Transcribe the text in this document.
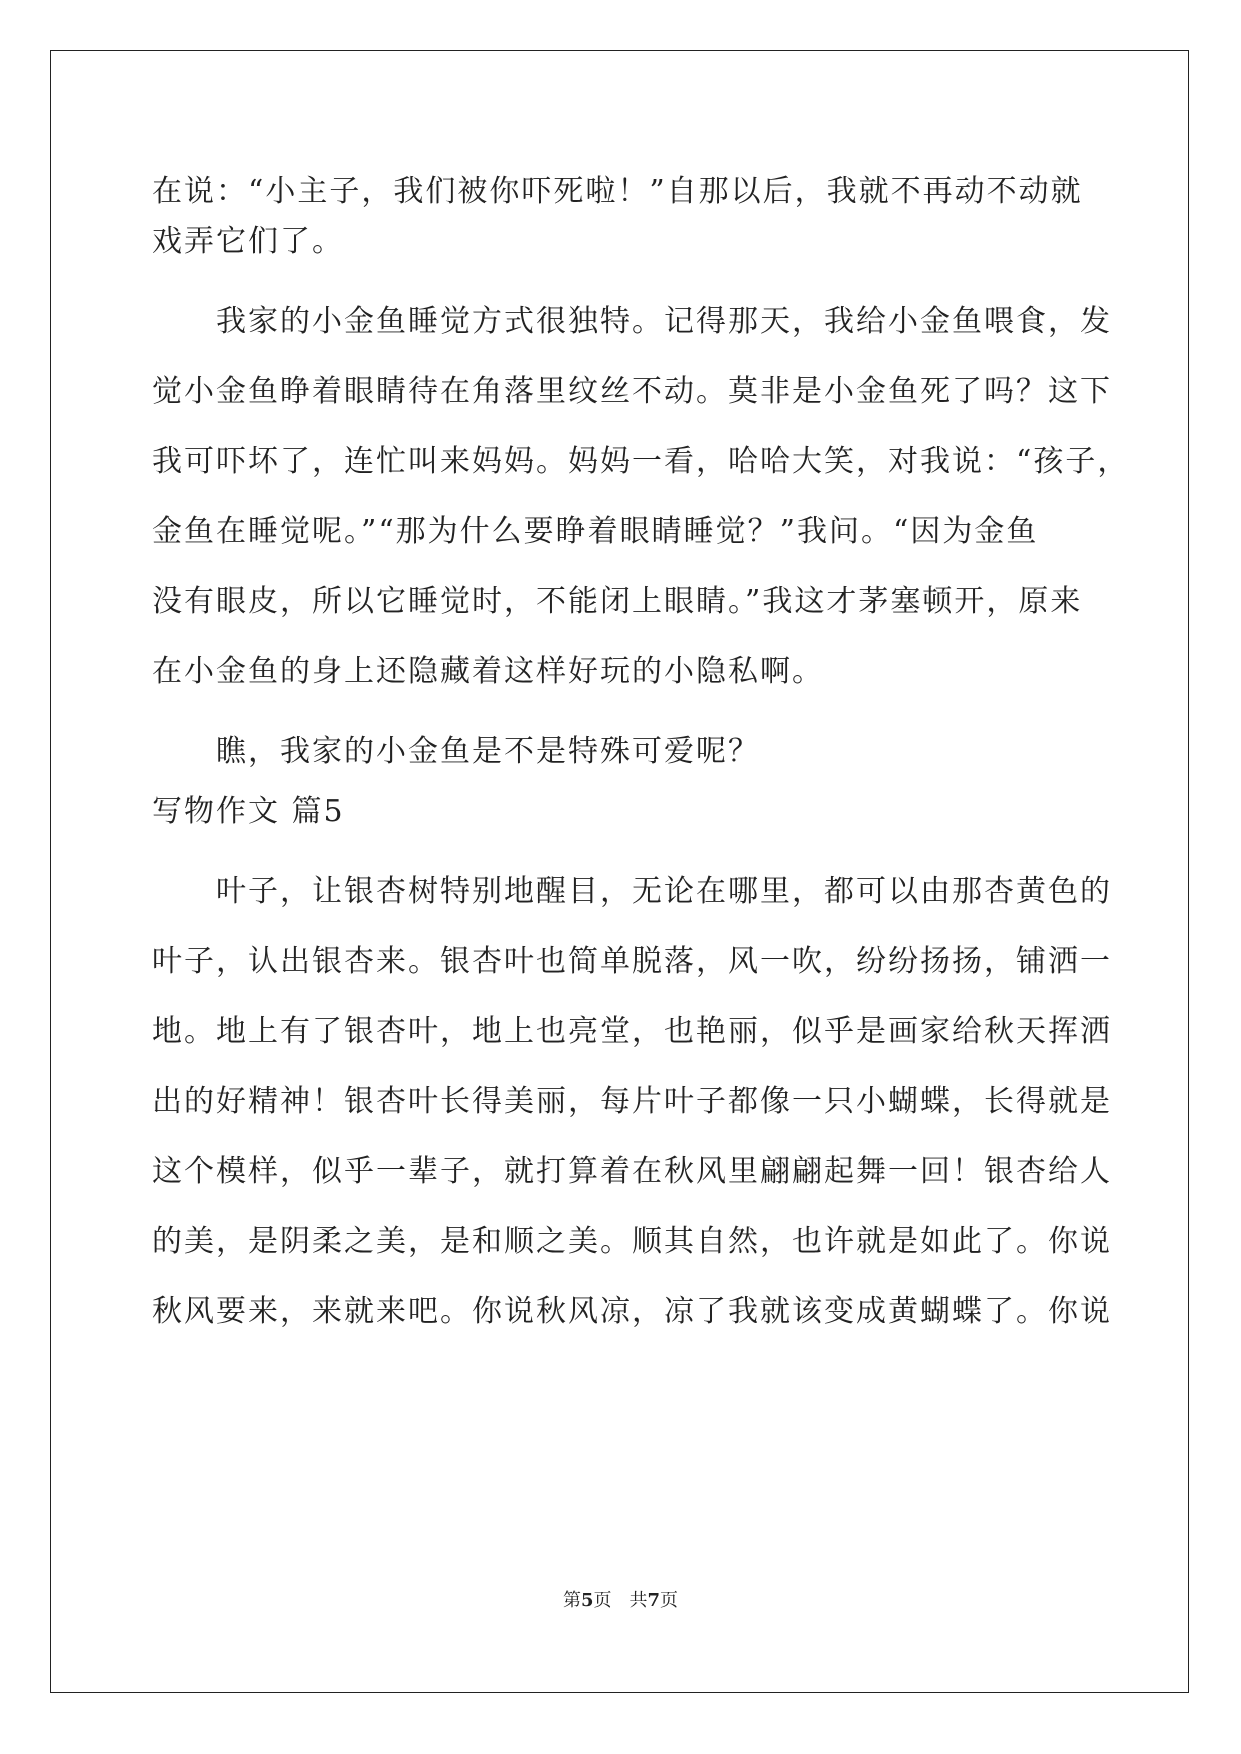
在说：“小主子，我们被你吓死啦！”自那以后，我就不再动不动就
戏弄它们了。
我家的小金鱼睡觉方式很独特。记得那天，我给小金鱼喂食，发
觉小金鱼睁着眼睛待在角落里纹丝不动。莫非是小金鱼死了吗？这下
我可吓坏了，连忙叫来妈妈。妈妈一看，哈哈大笑，对我说：“孩子，
金鱼在睡觉呢。”“那为什么要睁着眼睛睡觉？”我问。“因为金鱼
没有眼皮，所以它睡觉时，不能闭上眼睛。”我这才茅塞顿开，原来
在小金鱼的身上还隐藏着这样好玩的小隐私啊。
瞧，我家的小金鱼是不是特殊可爱呢？
写物作文 篇5
叶子，让银杏树特别地醒目，无论在哪里，都可以由那杏黄色的
叶子，认出银杏来。银杏叶也简单脱落，风一吹，纷纷扬扬，铺洒一
地。地上有了银杏叶，地上也亮堂，也艳丽，似乎是画家给秋天挥洒
出的好精神！银杏叶长得美丽，每片叶子都像一只小蝴蝶，长得就是
这个模样，似乎一辈子，就打算着在秋风里翩翩起舞一回！银杏给人
的美，是阴柔之美，是和顺之美。顺其自然，也许就是如此了。你说
秋风要来，来就来吧。你说秋风凉，凉了我就该变成黄蝴蝶了。你说
第5页　共7页
